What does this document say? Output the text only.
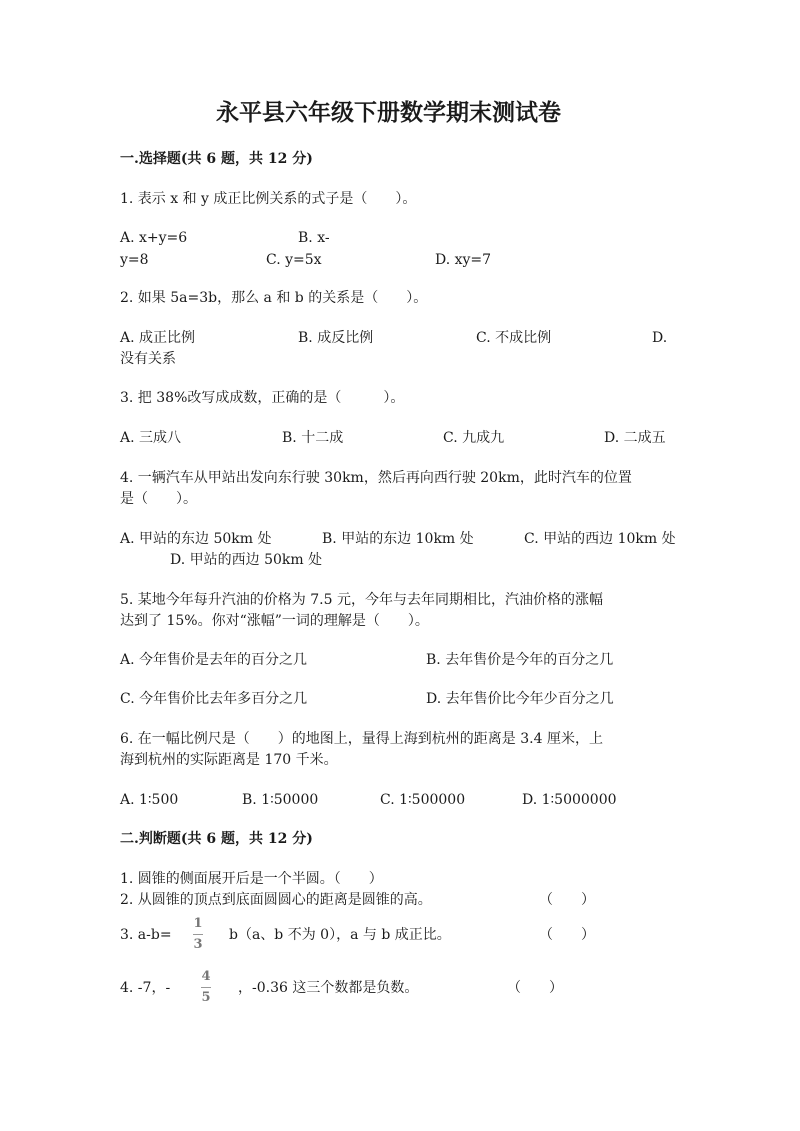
永平县六年级下册数学期末测试卷
一.选择题(共 6 题，共 12 分)
1. 表示 x 和 y 成正比例关系的式子是（　　）。
A. x+y=6	B. x-
y=8	C. y=5x	D. xy=7
2. 如果 5a=3b，那么 a 和 b 的关系是（　　）。
A. 成正比例	B. 成反比例	C. 不成比例	D.
没有关系
3. 把 38%改写成成数，正确的是（　　　）。
A. 三成八	B. 十二成	C. 九成九	D. 二成五
4. 一辆汽车从甲站出发向东行驶 30km，然后再向西行驶 20km，此时汽车的位置
是（　　）。
A. 甲站的东边 50km 处	B. 甲站的东边 10km 处	C. 甲站的西边 10km 处
D. 甲站的西边 50km 处
5. 某地今年每升汽油的价格为 7.5 元，今年与去年同期相比，汽油价格的涨幅
达到了 15%。你对“涨幅”一词的理解是（　　）。
A. 今年售价是去年的百分之几	B. 去年售价是今年的百分之几
C. 今年售价比去年多百分之几	D. 去年售价比今年少百分之几
6. 在一幅比例尺是（　　）的地图上，量得上海到杭州的距离是 3.4 厘米，上
海到杭州的实际距离是 170 千米。
A. 1∶500	B. 1∶50000	C. 1∶500000	D. 1∶5000000
二.判断题(共 6 题，共 12 分)
1. 圆锥的侧面展开后是一个半圆。（　　）
2. 从圆锥的顶点到底面圆圆心的距离是圆锥的高。	（　　）
3. a-b=
1
3
b（a、b 不为 0），a 与 b 成正比。	（　　）
4. -7，-
4
5
，-0.36 这三个数都是负数。	（　　）
